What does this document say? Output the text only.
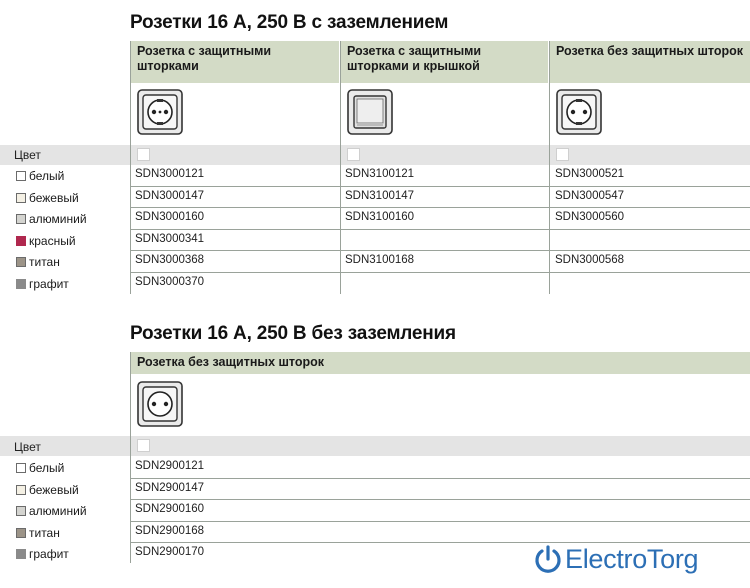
Розетки 16 А, 250 В с заземлением
Розетка с защитными шторками
Розетка с защитными шторками и крышкой
Розетка без защитных шторок
Цвет
белый
бежевый
алюминий
красный
титан
графит
SDN3000121
SDN3000147
SDN3000160
SDN3000341
SDN3000368
SDN3000370
SDN3100121
SDN3100147
SDN3100160
SDN3100168
SDN3000521
SDN3000547
SDN3000560
SDN3000568
Розетки 16 А, 250 В без заземления
Розетка без защитных шторок
Цвет
белый
бежевый
алюминий
титан
графит
SDN2900121
SDN2900147
SDN2900160
SDN2900168
SDN2900170	ElectroTorg
